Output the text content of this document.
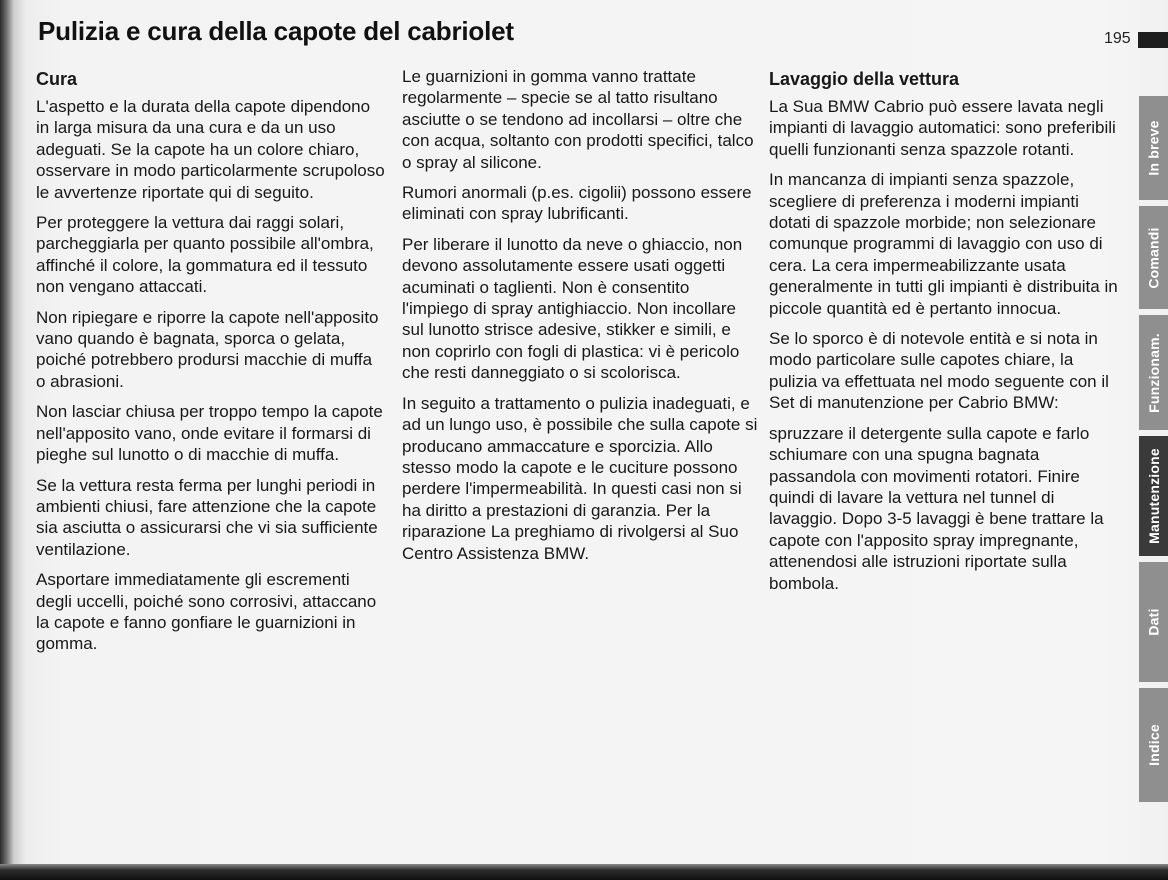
Pulizia e cura della capote del cabriolet	195
Cura

L'aspetto e la durata della capote dipendono in larga misura da una cura e da un uso adeguati. Se la capote ha un colore chiaro, osservare in modo particolarmente scrupoloso le avvertenze riportate qui di seguito.

Per proteggere la vettura dai raggi solari, parcheggiarla per quanto possibile all'ombra, affinché il colore, la gommatura ed il tessuto non vengano attaccati.

Non ripiegare e riporre la capote nell'apposito vano quando è bagnata, sporca o gelata, poiché potrebbero prodursi macchie di muffa o abrasioni.

Non lasciar chiusa per troppo tempo la capote nell'apposito vano, onde evitare il formarsi di pieghe sul lunotto o di macchie di muffa.

Se la vettura resta ferma per lunghi periodi in ambienti chiusi, fare attenzione che la capote sia asciutta o assicurarsi che vi sia sufficiente ventilazione.

Asportare immediatamente gli escrementi degli uccelli, poiché sono corrosivi, attaccano la capote e fanno gonfiare le guarnizioni in gomma.

Le guarnizioni in gomma vanno trattate regolarmente – specie se al tatto risultano asciutte o se tendono ad incollarsi – oltre che con acqua, soltanto con prodotti specifici, talco o spray al silicone.

Rumori anormali (p.es. cigolii) possono essere eliminati con spray lubrificanti.

Per liberare il lunotto da neve o ghiaccio, non devono assolutamente essere usati oggetti acuminati o taglienti. Non è consentito l'impiego di spray antighiaccio. Non incollare sul lunotto strisce adesive, stikker e simili, e non coprirlo con fogli di plastica: vi è pericolo che resti danneggiato o si scolorisca.

In seguito a trattamento o pulizia inadeguati, e ad un lungo uso, è possibile che sulla capote si producano ammaccature e sporcizia. Allo stesso modo la capote e le cuciture possono perdere l'impermeabilità. In questi casi non si ha diritto a prestazioni di garanzia. Per la riparazione La preghiamo di rivolgersi al Suo Centro Assistenza BMW.

Lavaggio della vettura

La Sua BMW Cabrio può essere lavata negli impianti di lavaggio automatici: sono preferibili quelli funzionanti senza spazzole rotanti.

In mancanza di impianti senza spazzole, scegliere di preferenza i moderni impianti dotati di spazzole morbide; non selezionare comunque programmi di lavaggio con uso di cera. La cera impermeabilizzante usata generalmente in tutti gli impianti è distribuita in piccole quantità ed è pertanto innocua.

Se lo sporco è di notevole entità e si nota in modo particolare sulle capotes chiare, la pulizia va effettuata nel modo seguente con il Set di manutenzione per Cabrio BMW:

spruzzare il detergente sulla capote e farlo schiumare con una spugna bagnata passandola con movimenti rotatori. Finire quindi di lavare la vettura nel tunnel di lavaggio. Dopo 3-5 lavaggi è bene trattare la capote con l'apposito spray impregnante, attenendosi alle istruzioni riportate sulla bombola.

In breve
Comandi
Funzionam.
Manutenzione
Dati
Indice
